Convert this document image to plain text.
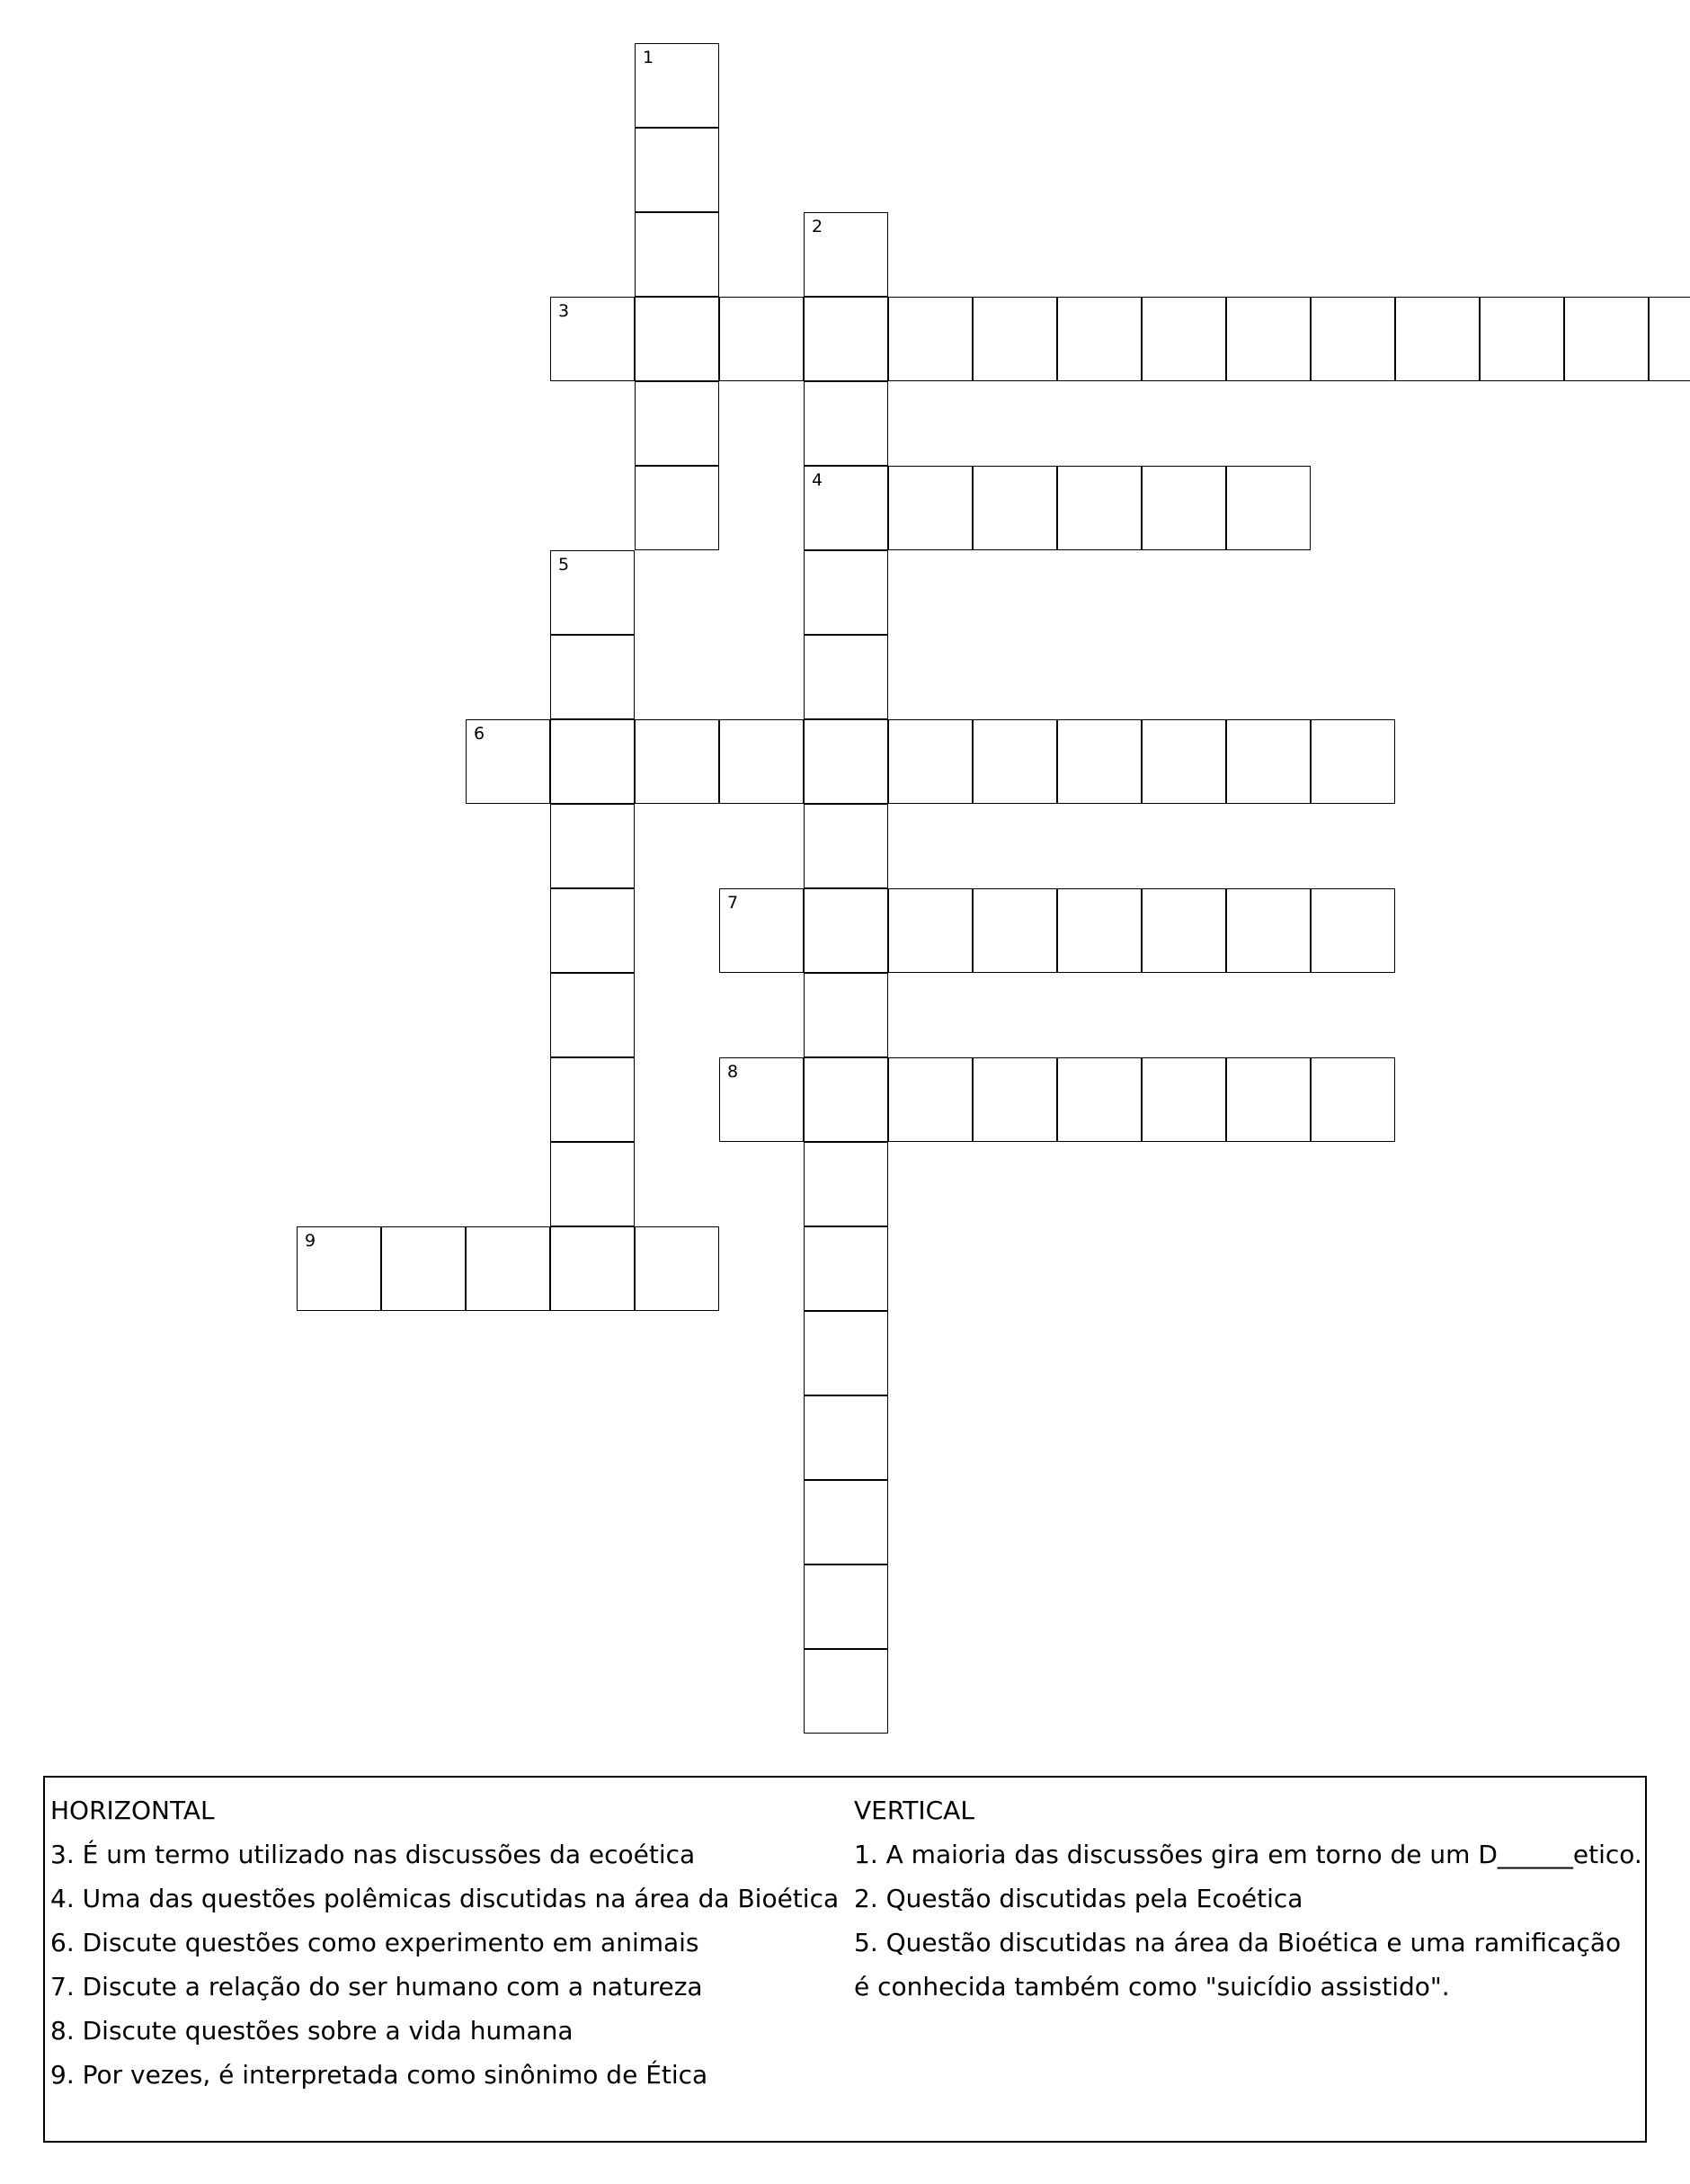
1
2
4
3
5
6
7
8
9
HORIZONTAL
3. É um termo utilizado nas discussões da ecoética
4. Uma das questões polêmicas discutidas na área da Bioética
6. Discute questões como experimento em animais
7. Discute a relação do ser humano com a natureza
8. Discute questões sobre a vida humana
9. Por vezes, é interpretada como sinônimo de Ética
VERTICAL
1. A maioria das discussões gira em torno de um D______etico.
2. Questão discutidas pela Ecoética
5. Questão discutidas na área da Bioética e uma ramificação é conhecida também como "suicídio assistido".
